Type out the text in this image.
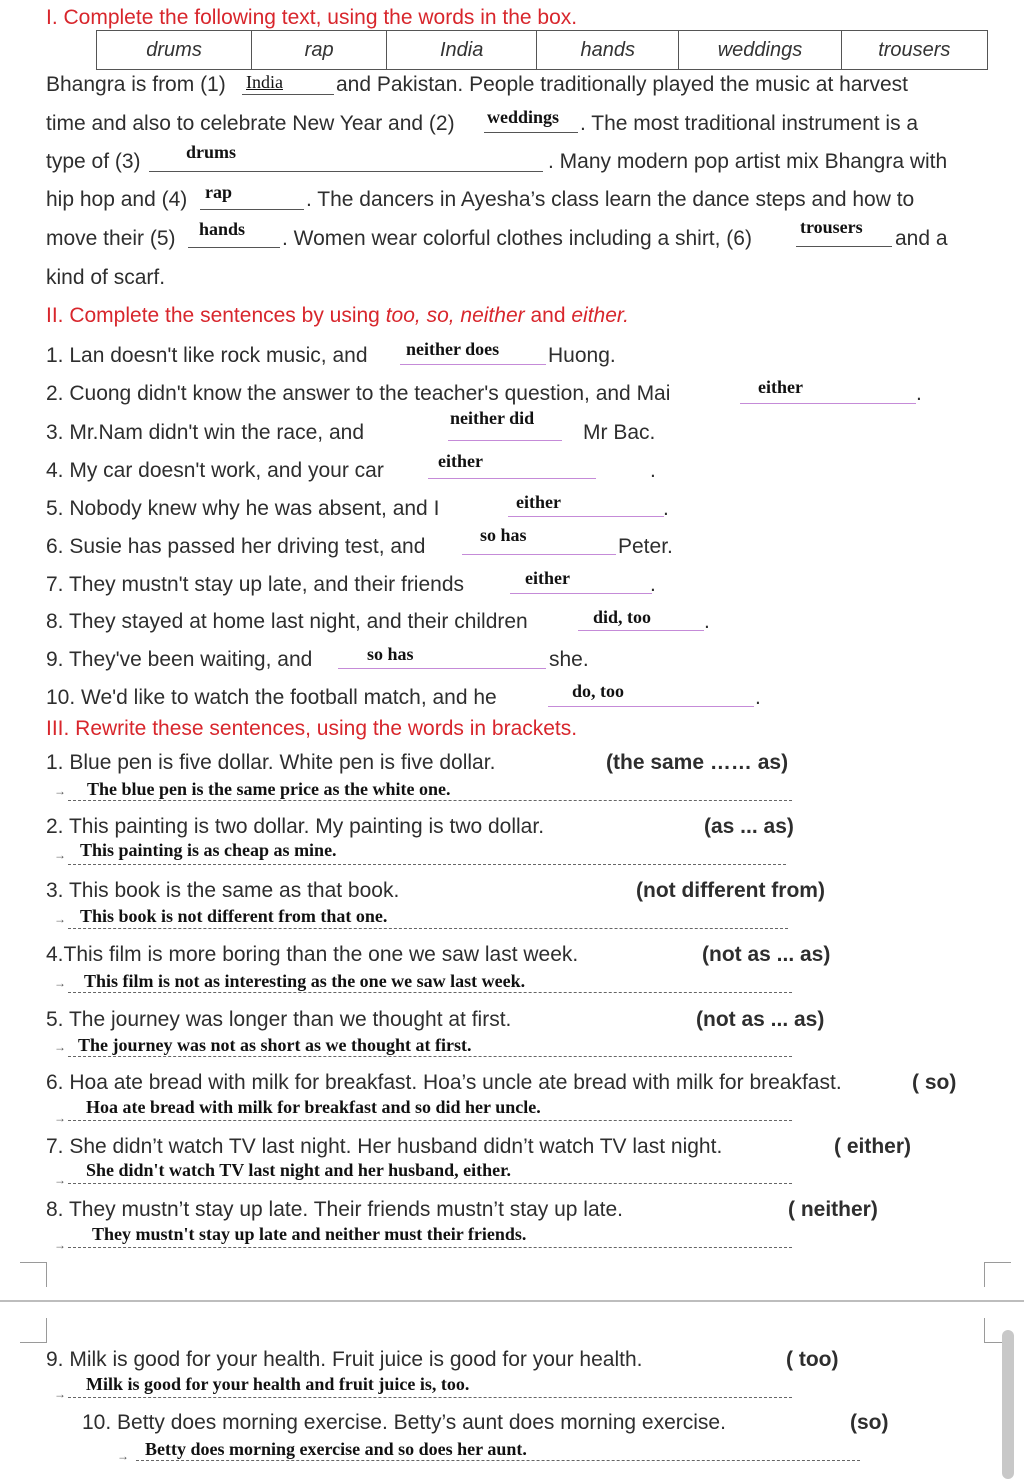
I. Complete the following text, using the words in the box.
drums	rap	India	hands	weddings	trousers
Bhangra is from (1) India	and Pakistan. People traditionally played the music at harvest
time and also to celebrate New Year and (2) weddings . The most traditional instrument is a
type of (3)	drums	. Many modern pop artist mix Bhangra with
hip hop and (4) rap	. The dancers in Ayesha’s class learn the dance steps and how to
move their (5) hands . Women wear colorful clothes including a shirt, (6)	trousers and a
kind of scarf.
II. Complete the sentences by using too, so, neither and either.
1. Lan doesn't like rock music, and neither does Huong.
2. Cuong didn't know the answer to the teacher's question, and Mai	either	.
3. Mr.Nam didn't win the race, and
neither did
Mr Bac.
4. My car doesn't work, and your car	either	.
5. Nobody knew why he was absent, and I	either	.
6. Susie has passed her driving test, and	so has	Peter.
7. They mustn't stay up late, and their friends	either	.
8. They stayed at home last night, and their children	did, too	.
9. They've been waiting, and	so has	she.
10. We'd like to watch the football match, and he	do, too	.
III. Rewrite these sentences, using the words in brackets.
1. Blue pen is five dollar. White pen is five dollar.	(the same …… as)
→ The blue pen is the same price as the white one.
2. This painting is two dollar. My painting is two dollar.	(as ... as)
→ This painting is as cheap as mine.
3. This book is the same as that book.	(not different from)
→ This book is not different from that one.
4.This film is more boring than the one we saw last week.	(not as ... as)
→ This film is not as interesting as the one we saw last week.
5. The journey was longer than we thought at first.	(not as ... as)
→ The journey was not as short as we thought at first.
6. Hoa ate bread with milk for breakfast. Hoa’s uncle ate bread with milk for breakfast.	( so)
→
Hoa ate bread with milk for breakfast and so did her uncle.
7. She didn’t watch TV last night. Her husband didn’t watch TV last night.	( either)
→ She didn't watch TV last night and her husband, either.
8. They mustn’t stay up late. Their friends mustn’t stay up late.	( neither)
→
They mustn't stay up late and neither must their friends.
9. Milk is good for your health. Fruit juice is good for your health.	( too)
→ Milk is good for your health and fruit juice is, too.
10. Betty does morning exercise. Betty’s aunt does morning exercise.	(so)
→ Betty does morning exercise and so does her aunt.
